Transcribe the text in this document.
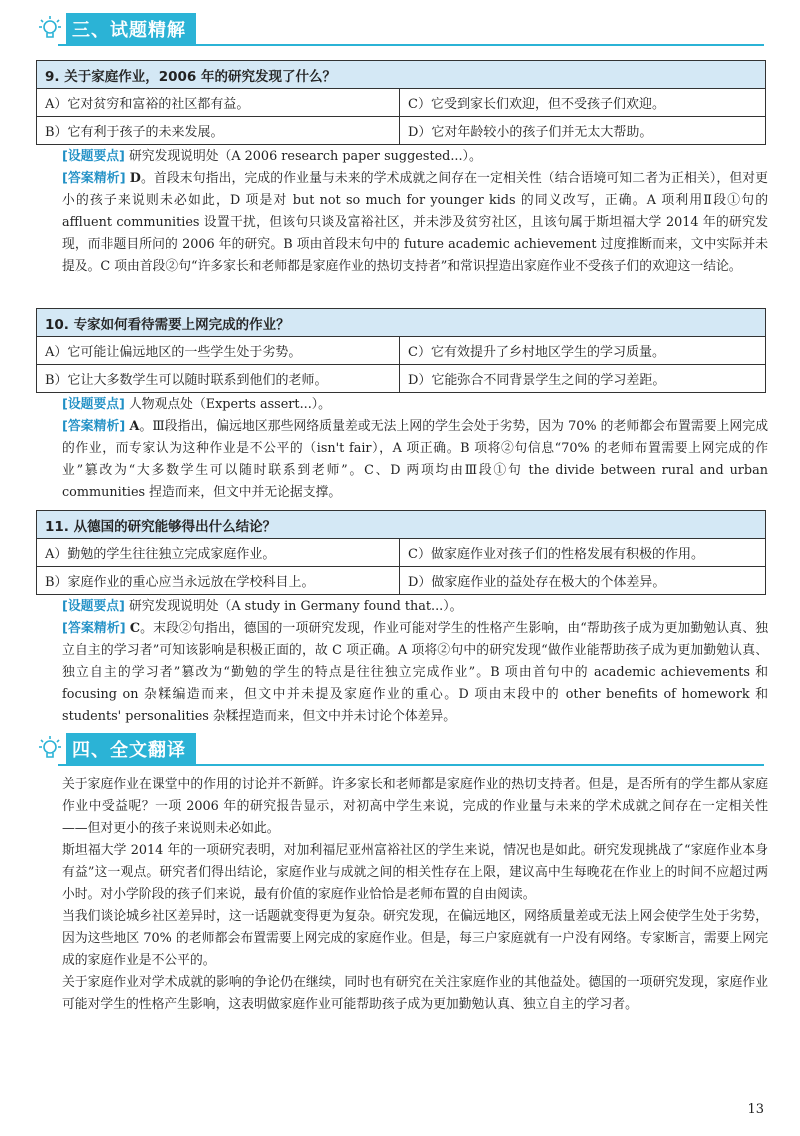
三、试题精解
9. 关于家庭作业，2006 年的研究发现了什么？	
A）它对贫穷和富裕的社区都有益。	C）它受到家长们欢迎，但不受孩子们欢迎。
B）它有利于孩子的未来发展。	D）它对年龄较小的孩子们并无太大帮助。
[设题要点] 研究发现说明处（A 2006 research paper suggested...）。
[答案精析] D。首段末句指出，完成的作业量与未来的学术成就之间存在一定相关性（结合语境可知二者为正相关），但对更小的孩子来说则未必如此，D 项是对 but not so much for younger kids 的同义改写，正确。A 项利用Ⅱ段①句的 affluent communities 设置干扰，但该句只谈及富裕社区，并未涉及贫穷社区，且该句属于斯坦福大学 2014 年的研究发现，而非题目所问的 2006 年的研究。B 项由首段末句中的 future academic achievement 过度推断而来，文中实际并未提及。C 项由首段②句“许多家长和老师都是家庭作业的热切支持者”和常识捏造出家庭作业不受孩子们的欢迎这一结论。
10. 专家如何看待需要上网完成的作业？	
A）它可能让偏远地区的一些学生处于劣势。	C）它有效提升了乡村地区学生的学习质量。
B）它让大多数学生可以随时联系到他们的老师。	D）它能弥合不同背景学生之间的学习差距。
[设题要点] 人物观点处（Experts assert...）。
[答案精析] A。Ⅲ段指出，偏远地区那些网络质量差或无法上网的学生会处于劣势，因为 70% 的老师都会布置需要上网完成的作业，而专家认为这种作业是不公平的（isn't fair），A 项正确。B 项将②句信息“70% 的老师布置需要上网完成的作业”篡改为“大多数学生可以随时联系到老师”。C、D 两项均由Ⅲ段①句 the divide between rural and urban communities 捏造而来，但文中并无论据支撑。
11. 从德国的研究能够得出什么结论？	
A）勤勉的学生往往独立完成家庭作业。	C）做家庭作业对孩子们的性格发展有积极的作用。
B）家庭作业的重心应当永远放在学校科目上。	D）做家庭作业的益处存在极大的个体差异。
[设题要点] 研究发现说明处（A study in Germany found that...）。
[答案精析] C。末段②句指出，德国的一项研究发现，作业可能对学生的性格产生影响，由“帮助孩子成为更加勤勉认真、独立自主的学习者”可知该影响是积极正面的，故 C 项正确。A 项将②句中的研究发现“做作业能帮助孩子成为更加勤勉认真、独立自主的学习者”篡改为“勤勉的学生的特点是往往独立完成作业”。B 项由首句中的 academic achievements 和 focusing on 杂糅编造而来，但文中并未提及家庭作业的重心。D 项由末段中的 other benefits of homework 和 students' personalities 杂糅捏造而来，但文中并未讨论个体差异。
四、全文翻译
关于家庭作业在课堂中的作用的讨论并不新鲜。许多家长和老师都是家庭作业的热切支持者。但是，是否所有的学生都从家庭作业中受益呢？一项 2006 年的研究报告显示，对初高中学生来说，完成的作业量与未来的学术成就之间存在一定相关性——但对更小的孩子来说则未必如此。
斯坦福大学 2014 年的一项研究表明，对加利福尼亚州富裕社区的学生来说，情况也是如此。研究发现挑战了“家庭作业本身有益”这一观点。研究者们得出结论，家庭作业与成就之间的相关性存在上限，建议高中生每晚花在作业上的时间不应超过两小时。对小学阶段的孩子们来说，最有价值的家庭作业恰恰是老师布置的自由阅读。
当我们谈论城乡社区差异时，这一话题就变得更为复杂。研究发现，在偏远地区，网络质量差或无法上网会使学生处于劣势，因为这些地区 70% 的老师都会布置需要上网完成的家庭作业。但是，每三户家庭就有一户没有网络。专家断言，需要上网完成的家庭作业是不公平的。
关于家庭作业对学术成就的影响的争论仍在继续，同时也有研究在关注家庭作业的其他益处。德国的一项研究发现，家庭作业可能对学生的性格产生影响，这表明做家庭作业可能帮助孩子成为更加勤勉认真、独立自主的学习者。
13
